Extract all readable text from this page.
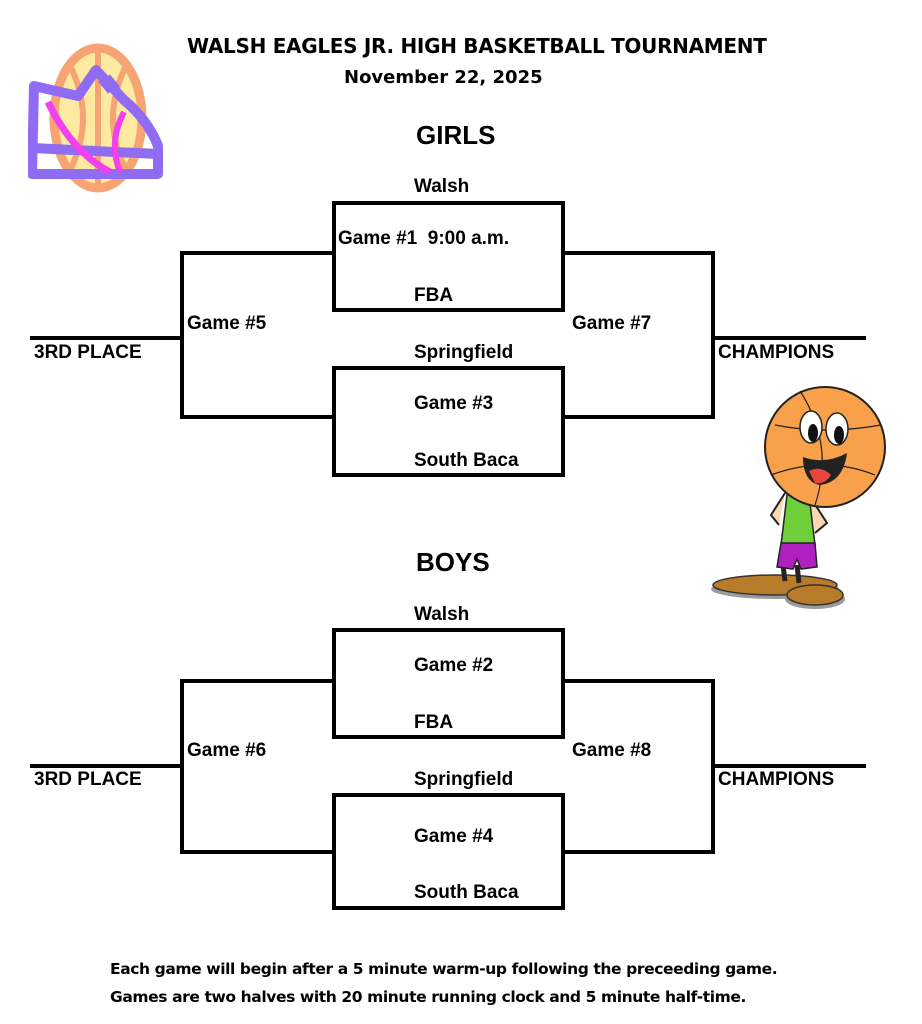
WALSH EAGLES JR. HIGH BASKETBALL TOURNAMENT
November 22, 2025
GIRLS
Walsh
Game #1  9:00 a.m.
FBA
Springfield
Game #3
South Baca
Game #5
3RD PLACE
Game #7
CHAMPIONS
BOYS
Walsh
Game #2
FBA
Springfield
Game #4
South Baca
Game #6
3RD PLACE
Game #8
CHAMPIONS
Each game will begin after a 5 minute warm-up following the preceeding game.
Games are two halves with 20 minute running clock and 5 minute half-time.
